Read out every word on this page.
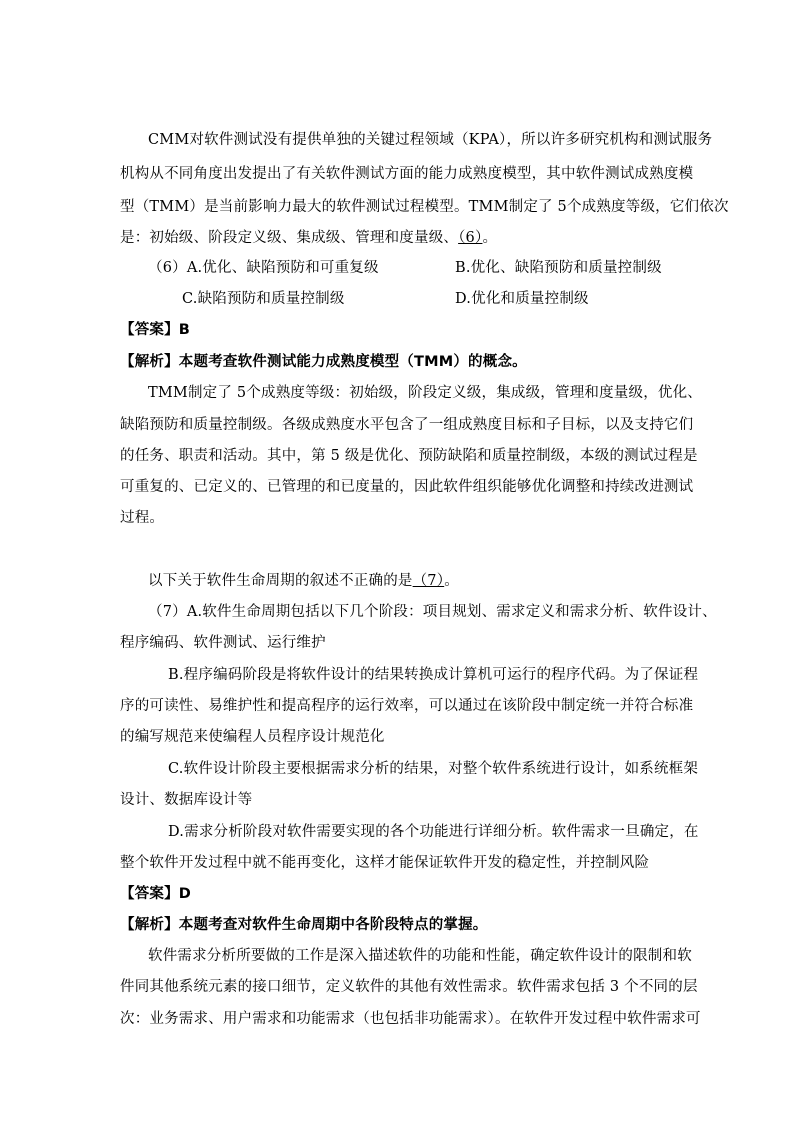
CMM对软件测试没有提供单独的关键过程领域（KPA），所以许多研究机构和测试服务
机构从不同角度出发提出了有关软件测试方面的能力成熟度模型，其中软件测试成熟度模
型（TMM）是当前影响力最大的软件测试过程模型。TMM制定了 5个成熟度等级，它们依次
是：初始级、阶段定义级、集成级、管理和度量级、（6）。
（6）A.优化、缺陷预防和可重复级	B.优化、缺陷预防和质量控制级
C.缺陷预防和质量控制级	D.优化和质量控制级
【答案】B
【解析】本题考查软件测试能力成熟度模型（TMM）的概念。
TMM制定了 5个成熟度等级：初始级，阶段定义级，集成级，管理和度量级，优化、
缺陷预防和质量控制级。各级成熟度水平包含了一组成熟度目标和子目标，以及支持它们
的任务、职责和活动。其中，第 5 级是优化、预防缺陷和质量控制级，本级的测试过程是
可重复的、已定义的、已管理的和已度量的，因此软件组织能够优化调整和持续改进测试
过程。
以下关于软件生命周期的叙述不正确的是（7）。
（7）A.软件生命周期包括以下几个阶段：项目规划、需求定义和需求分析、软件设计、
程序编码、软件测试、运行维护
B.程序编码阶段是将软件设计的结果转换成计算机可运行的程序代码。为了保证程
序的可读性、易维护性和提高程序的运行效率，可以通过在该阶段中制定统一并符合标准
的编写规范来使编程人员程序设计规范化
C.软件设计阶段主要根据需求分析的结果，对整个软件系统进行设计，如系统框架
设计、数据库设计等
D.需求分析阶段对软件需要实现的各个功能进行详细分析。软件需求一旦确定，在
整个软件开发过程中就不能再变化，这样才能保证软件开发的稳定性，并控制风险
【答案】D
【解析】本题考查对软件生命周期中各阶段特点的掌握。
软件需求分析所要做的工作是深入描述软件的功能和性能，确定软件设计的限制和软
件同其他系统元素的接口细节，定义软件的其他有效性需求。软件需求包括 3 个不同的层
次：业务需求、用户需求和功能需求（也包括非功能需求）。在软件开发过程中软件需求可
